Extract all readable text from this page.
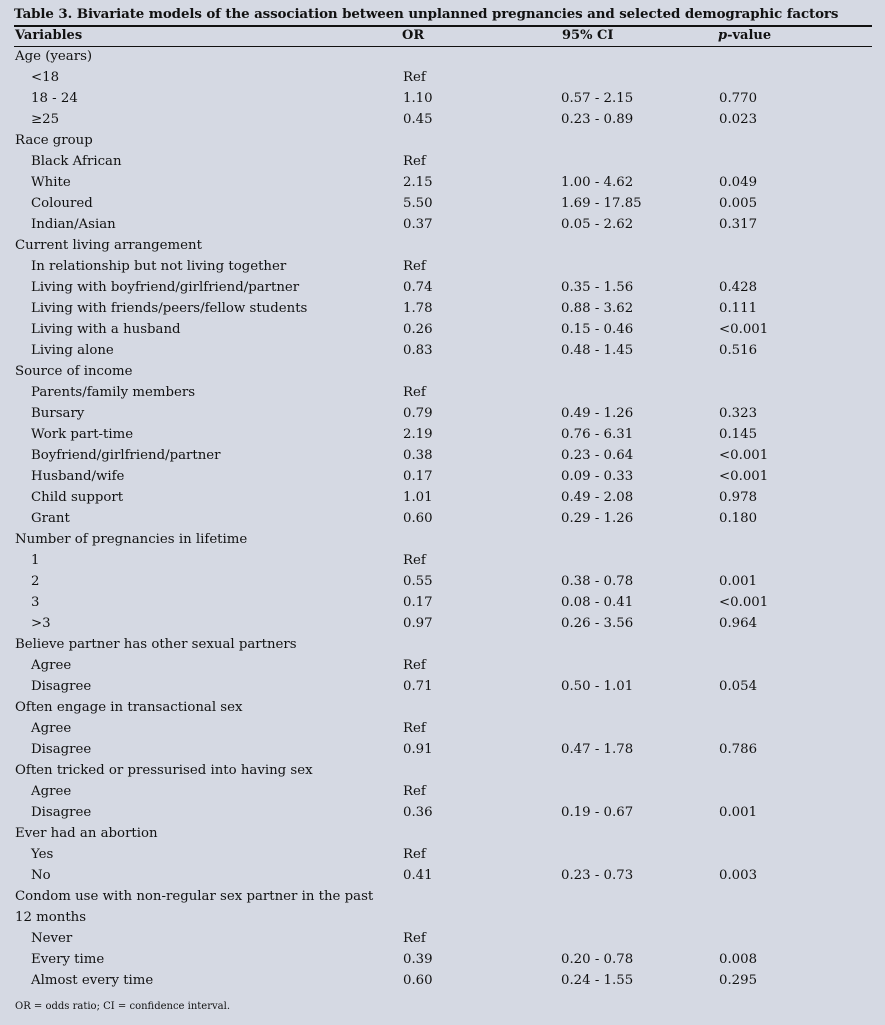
Table 3. Bivariate models of the association between unplanned pregnancies and selected demographic factors
Variables	OR	95% CI	p-value
Age (years)
<18	Ref
18 - 24	1.10	0.57 - 2.15	0.770
≥25	0.45	0.23 - 0.89	0.023
Race group
Black African	Ref
White	2.15	1.00 - 4.62	0.049
Coloured	5.50	1.69 - 17.85	0.005
Indian/Asian	0.37	0.05 - 2.62	0.317
Current living arrangement
In relationship but not living together	Ref
Living with boyfriend/girlfriend/partner	0.74	0.35 - 1.56	0.428
Living with friends/peers/fellow students	1.78	0.88 - 3.62	0.111
Living with a husband	0.26	0.15 - 0.46	<0.001
Living alone	0.83	0.48 - 1.45	0.516
Source of income
Parents/family members	Ref
Bursary	0.79	0.49 - 1.26	0.323
Work part-time	2.19	0.76 - 6.31	0.145
Boyfriend/girlfriend/partner	0.38	0.23 - 0.64	<0.001
Husband/wife	0.17	0.09 - 0.33	<0.001
Child support	1.01	0.49 - 2.08	0.978
Grant	0.60	0.29 - 1.26	0.180
Number of pregnancies in lifetime
1	Ref
2	0.55	0.38 - 0.78	0.001
3	0.17	0.08 - 0.41	<0.001
>3	0.97	0.26 - 3.56	0.964
Believe partner has other sexual partners
Agree	Ref
Disagree	0.71	0.50 - 1.01	0.054
Often engage in transactional sex
Agree	Ref
Disagree	0.91	0.47 - 1.78	0.786
Often tricked or pressurised into having sex
Agree	Ref
Disagree	0.36	0.19 - 0.67	0.001
Ever had an abortion
Yes	Ref
No	0.41	0.23 - 0.73	0.003
Condom use with non-regular sex partner in the past
12 months
Never	Ref
Every time	0.39	0.20 - 0.78	0.008
Almost every time	0.60	0.24 - 1.55	0.295
OR = odds ratio; CI = confidence interval.
